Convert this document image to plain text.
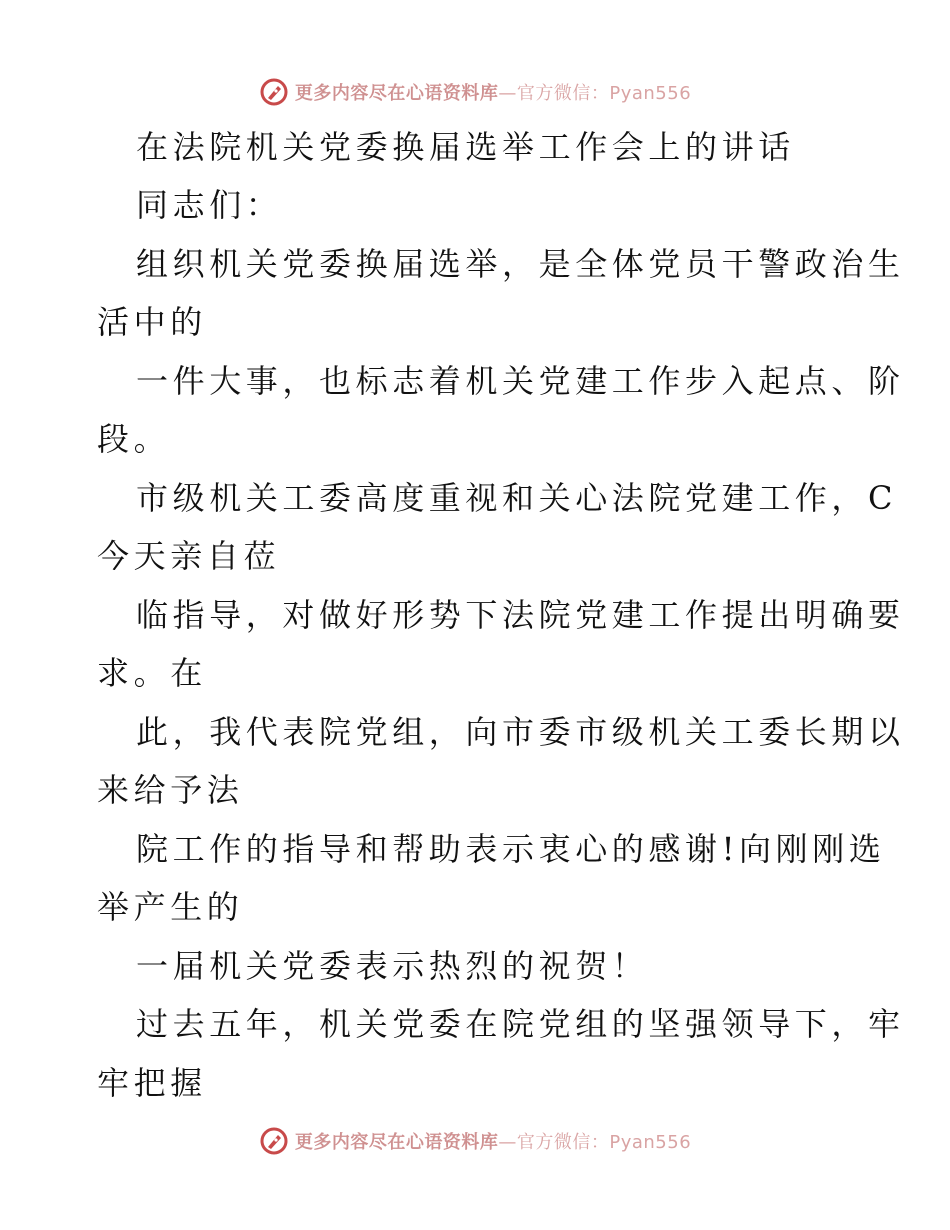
更多内容尽在心语资料库—官方微信：Pyan556
在法院机关党委换届选举工作会上的讲话
同志们：
组织机关党委换届选举，是全体党员干警政治生
活中的
一件大事，也标志着机关党建工作步入起点、阶
段。
市级机关工委高度重视和关心法院党建工作，C
今天亲自莅
临指导，对做好形势下法院党建工作提出明确要
求。在
此，我代表院党组，向市委市级机关工委长期以
来给予法
院工作的指导和帮助表示衷心的感谢!向刚刚选
举产生的
一届机关党委表示热烈的祝贺！
过去五年，机关党委在院党组的坚强领导下，牢
牢把握
更多内容尽在心语资料库—官方微信：Pyan556
